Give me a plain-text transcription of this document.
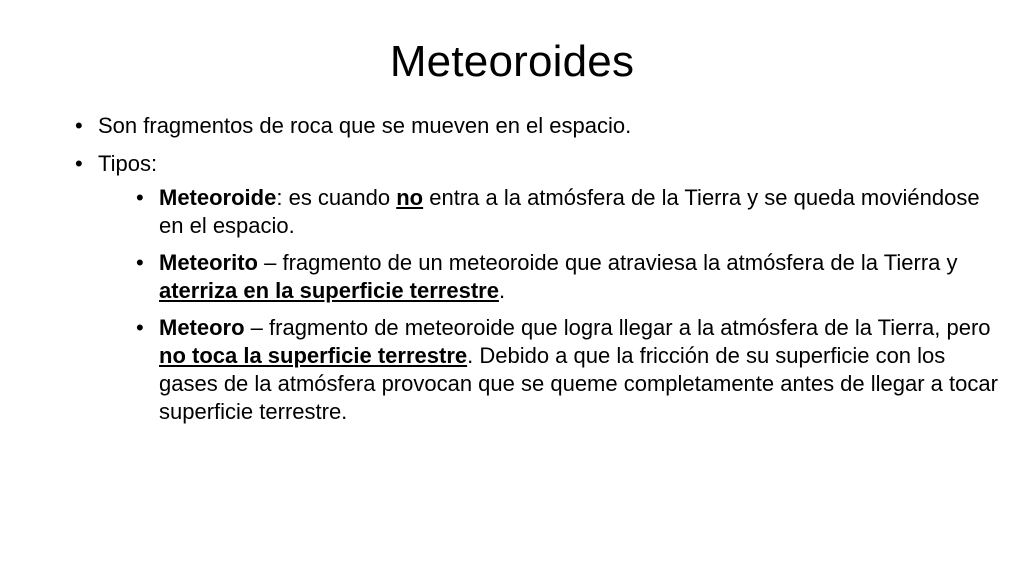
Meteoroides
• Son fragmentos de roca que se mueven en el espacio.
• Tipos:
• Meteoroide: es cuando no entra a la atmósfera de la Tierra y se queda moviéndose en el espacio.
• Meteorito – fragmento de un meteoroide que atraviesa la atmósfera de la Tierra y aterriza en la superficie terrestre.
• Meteoro – fragmento de meteoroide que logra llegar a la atmósfera de la Tierra, pero no toca la superficie terrestre. Debido a que la fricción de su superficie con los gases de la atmósfera provocan que se queme completamente antes de llegar a tocar superficie terrestre.
